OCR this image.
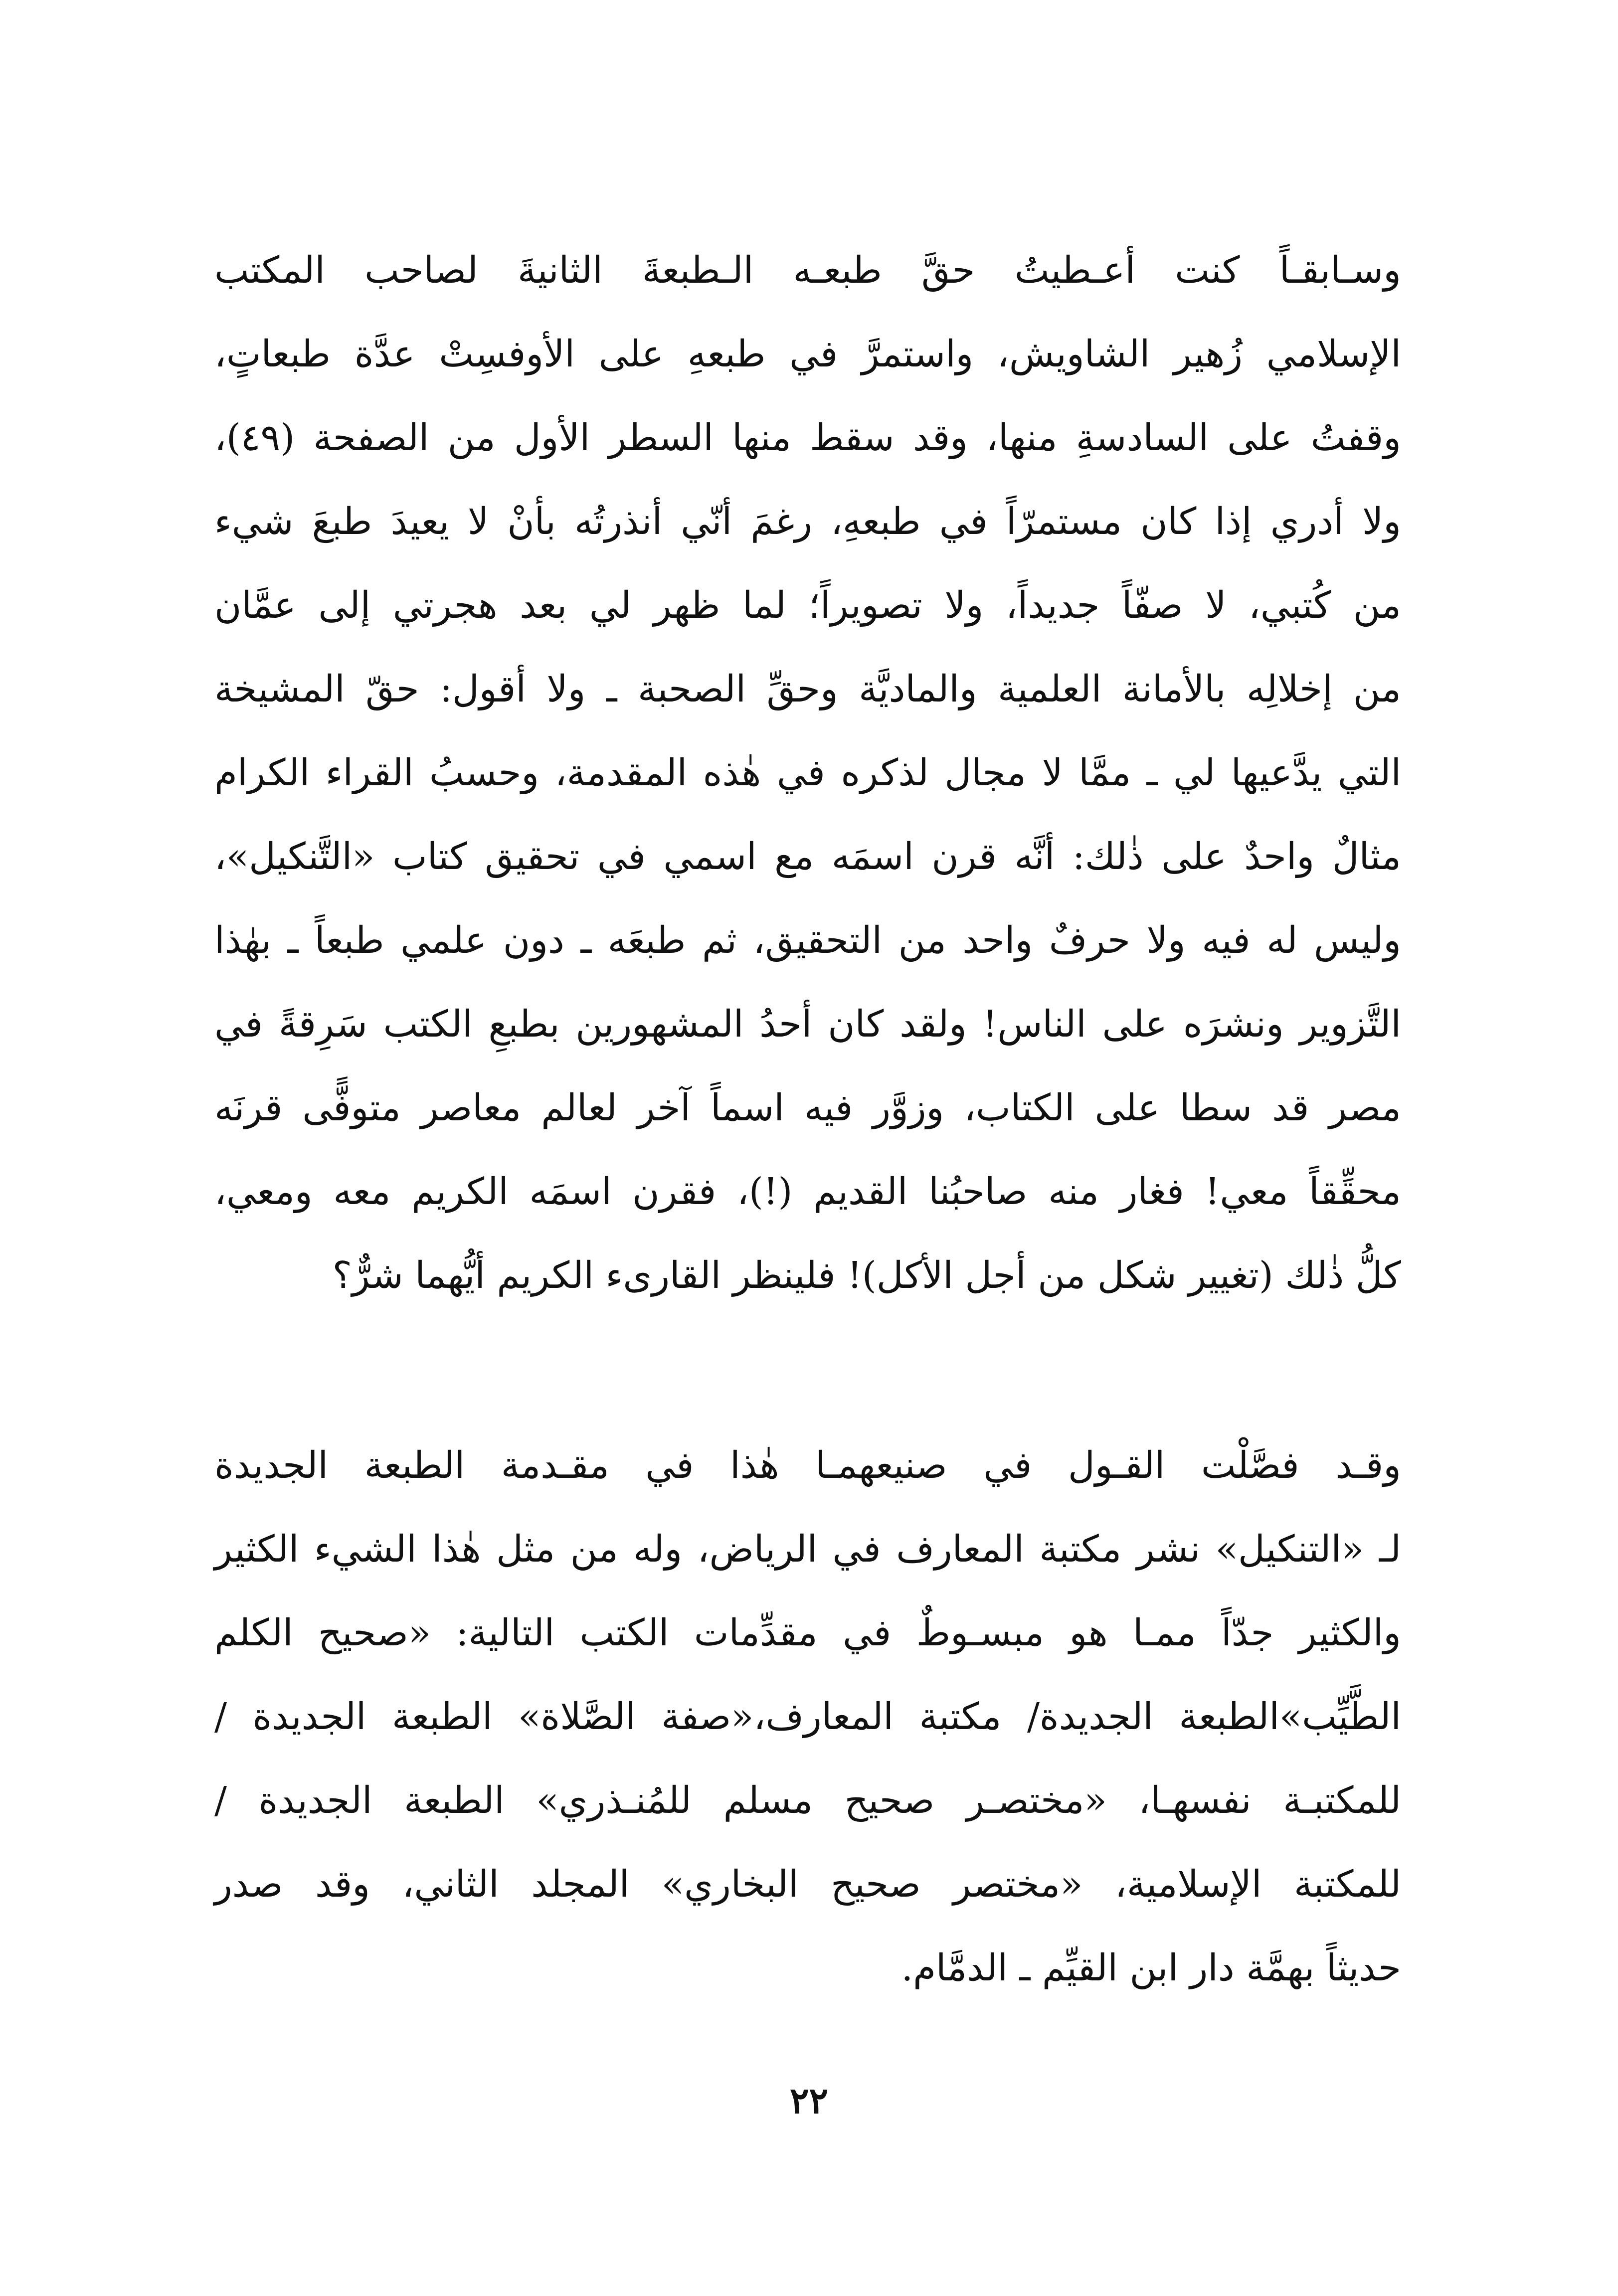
وسـابقـاً كنت أعـطيتُ حقَّ طبعـه الـطبعةَ الثانيةَ لصاحب المكتب
الإسلامي زُهير الشاويش، واستمرَّ في طبعهِ على الأوفسِتْ عدَّة طبعاتٍ،
وقفتُ على السادسةِ منها، وقد سقط منها السطر الأول من الصفحة (٤٩)،
ولا أدري إذا كان مستمرّاً في طبعهِ، رغمَ أنّي أنذرتُه بأنْ لا يعيدَ طبعَ شيء
من كُتبي، لا صفّاً جديداً، ولا تصويراً؛ لما ظهر لي بعد هجرتي إلى عمَّان
من إخلالِه بالأمانة العلمية والماديَّة وحقِّ الصحبة ـ ولا أقول: حقّ المشيخة
التي يدَّعيها لي ـ ممَّا لا مجال لذكره في هٰذه المقدمة، وحسبُ القراء الكرام
مثالٌ واحدٌ على ذٰلك: أنَّه قرن اسمَه مع اسمي في تحقيق كتاب «التَّنكيل»،
وليس له فيه ولا حرفٌ واحد من التحقيق، ثم طبعَه ـ دون علمي طبعاً ـ بهٰذا
التَّزوير ونشرَه على الناس! ولقد كان أحدُ المشهورين بطبعِ الكتب سَرِقةً في
مصر قد سطا على الكتاب، وزوَّر فيه اسماً آخر لعالم معاصر متوفًّى قرنَه
محقِّقاً معي! فغار منه صاحبُنا القديم (!)، فقرن اسمَه الكريم معه ومعي،
كلُّ ذٰلك (تغيير شكل من أجل الأكل)! فلينظر القارىء الكريم أيُّهما شرٌّ؟
وقـد فصَّلْت القـول في صنيعهمـا هٰذا في مقـدمة الطبعة الجديدة
لـ «التنكيل» نشر مكتبة المعارف في الرياض، وله من مثل هٰذا الشيء الكثير
والكثير جدّاً ممـا هو مبسـوطٌ في مقدِّمات الكتب التالية: «صحيح الكلم
الطَّيِّب»الطبعة الجديدة/ مكتبة المعارف،«صفة الصَّلاة» الطبعة الجديدة /
للمكتبـة نفسهـا، «مختصـر صحيح مسلم للمُنـذري» الطبعة الجديدة /
للمكتبة الإسلامية، «مختصر صحيح البخاري» المجلد الثاني، وقد صدر
حديثاً بهمَّة دار ابن القيِّم ـ الدمَّام.
٢٢
